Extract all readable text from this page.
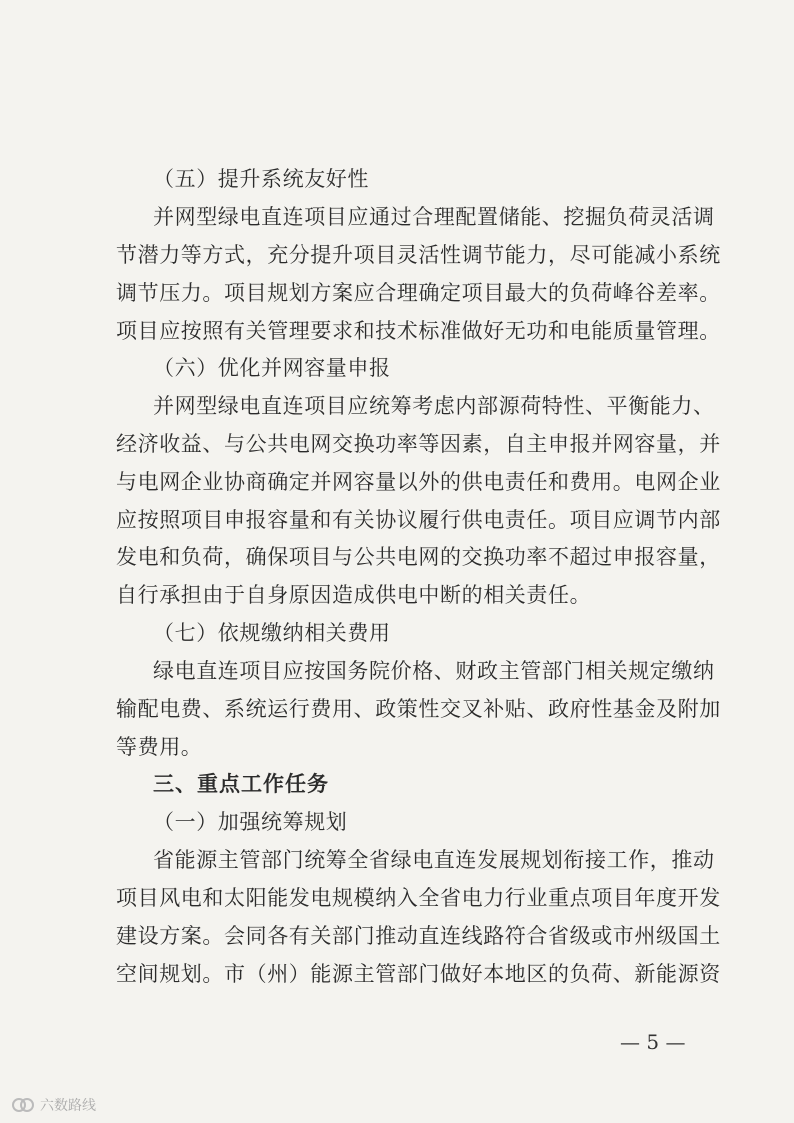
（五）提升系统友好性
并网型绿电直连项目应通过合理配置储能、挖掘负荷灵活调
节潜力等方式，充分提升项目灵活性调节能力，尽可能减小系统
调节压力。项目规划方案应合理确定项目最大的负荷峰谷差率。
项目应按照有关管理要求和技术标准做好无功和电能质量管理。
（六）优化并网容量申报
并网型绿电直连项目应统筹考虑内部源荷特性、平衡能力、
经济收益、与公共电网交换功率等因素，自主申报并网容量，并
与电网企业协商确定并网容量以外的供电责任和费用。电网企业
应按照项目申报容量和有关协议履行供电责任。项目应调节内部
发电和负荷，确保项目与公共电网的交换功率不超过申报容量，
自行承担由于自身原因造成供电中断的相关责任。
（七）依规缴纳相关费用
绿电直连项目应按国务院价格、财政主管部门相关规定缴纳
输配电费、系统运行费用、政策性交叉补贴、政府性基金及附加
等费用。
三、重点工作任务
（一）加强统筹规划
省能源主管部门统筹全省绿电直连发展规划衔接工作，推动
项目风电和太阳能发电规模纳入全省电力行业重点项目年度开发
建设方案。会同各有关部门推动直连线路符合省级或市州级国土
空间规划。市（州）能源主管部门做好本地区的负荷、新能源资
— 5 —
六数路线
